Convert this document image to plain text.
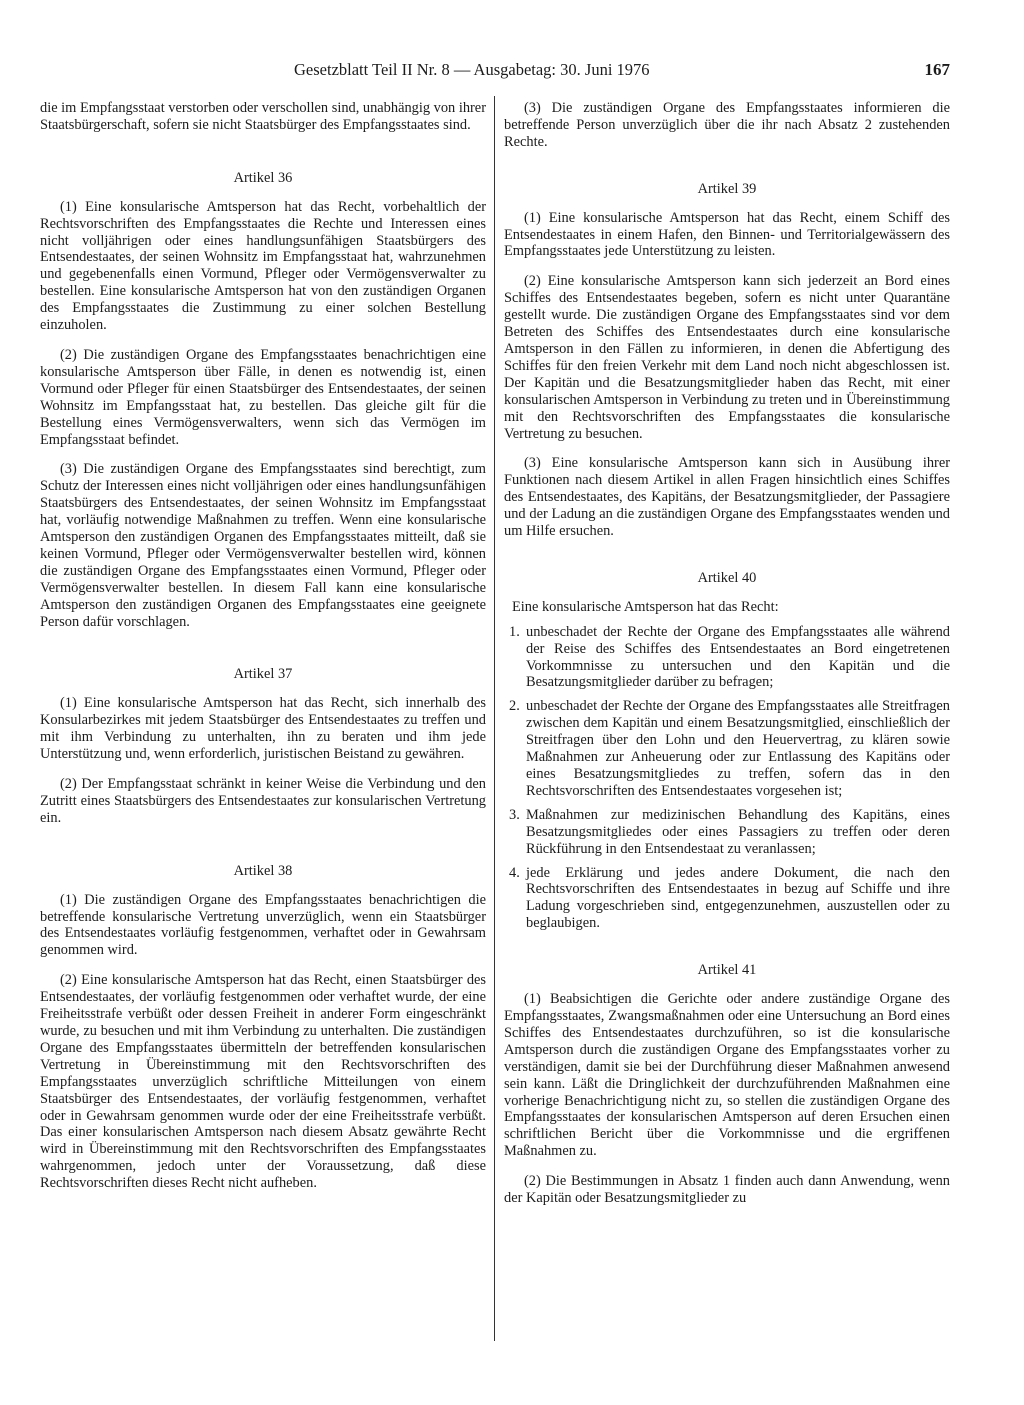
Gesetzblatt Teil II Nr. 8 — Ausgabetag: 30. Juni 1976	167

die im Empfangsstaat verstorben oder verschollen sind, unabhängig von ihrer Staatsbürgerschaft, sofern sie nicht Staatsbürger des Empfangsstaates sind.

Artikel 36

(1) Eine konsularische Amtsperson hat das Recht, vorbehaltlich der Rechtsvorschriften des Empfangsstaates die Rechte und Interessen eines nicht volljährigen oder eines handlungsunfähigen Staatsbürgers des Entsendestaates, der seinen Wohnsitz im Empfangsstaat hat, wahrzunehmen und gegebenenfalls einen Vormund, Pfleger oder Vermögensverwalter zu bestellen. Eine konsularische Amtsperson hat von den zuständigen Organen des Empfangsstaates die Zustimmung zu einer solchen Bestellung einzuholen.

(2) Die zuständigen Organe des Empfangsstaates benachrichtigen eine konsularische Amtsperson über Fälle, in denen es notwendig ist, einen Vormund oder Pfleger für einen Staatsbürger des Entsendestaates, der seinen Wohnsitz im Empfangsstaat hat, zu bestellen. Das gleiche gilt für die Bestellung eines Vermögensverwalters, wenn sich das Vermögen im Empfangsstaat befindet.

(3) Die zuständigen Organe des Empfangsstaates sind berechtigt, zum Schutz der Interessen eines nicht volljährigen oder eines handlungsunfähigen Staatsbürgers des Entsendestaates, der seinen Wohnsitz im Empfangsstaat hat, vorläufig notwendige Maßnahmen zu treffen. Wenn eine konsularische Amtsperson den zuständigen Organen des Empfangsstaates mitteilt, daß sie keinen Vormund, Pfleger oder Vermögensverwalter bestellen wird, können die zuständigen Organe des Empfangsstaates einen Vormund, Pfleger oder Vermögensverwalter bestellen. In diesem Fall kann eine konsularische Amtsperson den zuständigen Organen des Empfangsstaates eine geeignete Person dafür vorschlagen.

Artikel 37

(1) Eine konsularische Amtsperson hat das Recht, sich innerhalb des Konsularbezirkes mit jedem Staatsbürger des Entsendestaates zu treffen und mit ihm Verbindung zu unterhalten, ihn zu beraten und ihm jede Unterstützung und, wenn erforderlich, juristischen Beistand zu gewähren.

(2) Der Empfangsstaat schränkt in keiner Weise die Verbindung und den Zutritt eines Staatsbürgers des Entsendestaates zur konsularischen Vertretung ein.

Artikel 38

(1) Die zuständigen Organe des Empfangsstaates benachrichtigen die betreffende konsularische Vertretung unverzüglich, wenn ein Staatsbürger des Entsendestaates vorläufig festgenommen, verhaftet oder in Gewahrsam genommen wird.

(2) Eine konsularische Amtsperson hat das Recht, einen Staatsbürger des Entsendestaates, der vorläufig festgenommen oder verhaftet wurde, der eine Freiheitsstrafe verbüßt oder dessen Freiheit in anderer Form eingeschränkt wurde, zu besuchen und mit ihm Verbindung zu unterhalten. Die zuständigen Organe des Empfangsstaates übermitteln der betreffenden konsularischen Vertretung in Übereinstimmung mit den Rechtsvorschriften des Empfangsstaates unverzüglich schriftliche Mitteilungen von einem Staatsbürger des Entsendestaates, der vorläufig festgenommen, verhaftet oder in Gewahrsam genommen wurde oder der eine Freiheitsstrafe verbüßt. Das einer konsularischen Amtsperson nach diesem Absatz gewährte Recht wird in Übereinstimmung mit den Rechtsvorschriften des Empfangsstaates wahrgenommen, jedoch unter der Voraussetzung, daß diese Rechtsvorschriften dieses Recht nicht aufheben.

(3) Die zuständigen Organe des Empfangsstaates informieren die betreffende Person unverzüglich über die ihr nach Absatz 2 zustehenden Rechte.

Artikel 39

(1) Eine konsularische Amtsperson hat das Recht, einem Schiff des Entsendestaates in einem Hafen, den Binnen- und Territorialgewässern des Empfangsstaates jede Unterstützung zu leisten.

(2) Eine konsularische Amtsperson kann sich jederzeit an Bord eines Schiffes des Entsendestaates begeben, sofern es nicht unter Quarantäne gestellt wurde. Die zuständigen Organe des Empfangsstaates sind vor dem Betreten des Schiffes des Entsendestaates durch eine konsularische Amtsperson in den Fällen zu informieren, in denen die Abfertigung des Schiffes für den freien Verkehr mit dem Land noch nicht abgeschlossen ist. Der Kapitän und die Besatzungsmitglieder haben das Recht, mit einer konsularischen Amtsperson in Verbindung zu treten und in Übereinstimmung mit den Rechtsvorschriften des Empfangsstaates die konsularische Vertretung zu besuchen.

(3) Eine konsularische Amtsperson kann sich in Ausübung ihrer Funktionen nach diesem Artikel in allen Fragen hinsichtlich eines Schiffes des Entsendestaates, des Kapitäns, der Besatzungsmitglieder, der Passagiere und der Ladung an die zuständigen Organe des Empfangsstaates wenden und um Hilfe ersuchen.

Artikel 40

Eine konsularische Amtsperson hat das Recht:

1. unbeschadet der Rechte der Organe des Empfangsstaates alle während der Reise des Schiffes des Entsendestaates an Bord eingetretenen Vorkommnisse zu untersuchen und den Kapitän und die Besatzungsmitglieder darüber zu befragen;
2. unbeschadet der Rechte der Organe des Empfangsstaates alle Streitfragen zwischen dem Kapitän und einem Besatzungsmitglied, einschließlich der Streitfragen über den Lohn und den Heuervertrag, zu klären sowie Maßnahmen zur Anheuerung oder zur Entlassung des Kapitäns oder eines Besatzungsmitgliedes zu treffen, sofern das in den Rechtsvorschriften des Entsendestaates vorgesehen ist;
3. Maßnahmen zur medizinischen Behandlung des Kapitäns, eines Besatzungsmitgliedes oder eines Passagiers zu treffen oder deren Rückführung in den Entsendestaat zu veranlassen;
4. jede Erklärung und jedes andere Dokument, die nach den Rechtsvorschriften des Entsendestaates in bezug auf Schiffe und ihre Ladung vorgeschrieben sind, entgegenzunehmen, auszustellen oder zu beglaubigen.

Artikel 41

(1) Beabsichtigen die Gerichte oder andere zuständige Organe des Empfangsstaates, Zwangsmaßnahmen oder eine Untersuchung an Bord eines Schiffes des Entsendestaates durchzuführen, so ist die konsularische Amtsperson durch die zuständigen Organe des Empfangsstaates vorher zu verständigen, damit sie bei der Durchführung dieser Maßnahmen anwesend sein kann. Läßt die Dringlichkeit der durchzuführenden Maßnahmen eine vorherige Benachrichtigung nicht zu, so stellen die zuständigen Organe des Empfangsstaates der konsularischen Amtsperson auf deren Ersuchen einen schriftlichen Bericht über die Vorkommnisse und die ergriffenen Maßnahmen zu.

(2) Die Bestimmungen in Absatz 1 finden auch dann Anwendung, wenn der Kapitän oder Besatzungsmitglieder zu
